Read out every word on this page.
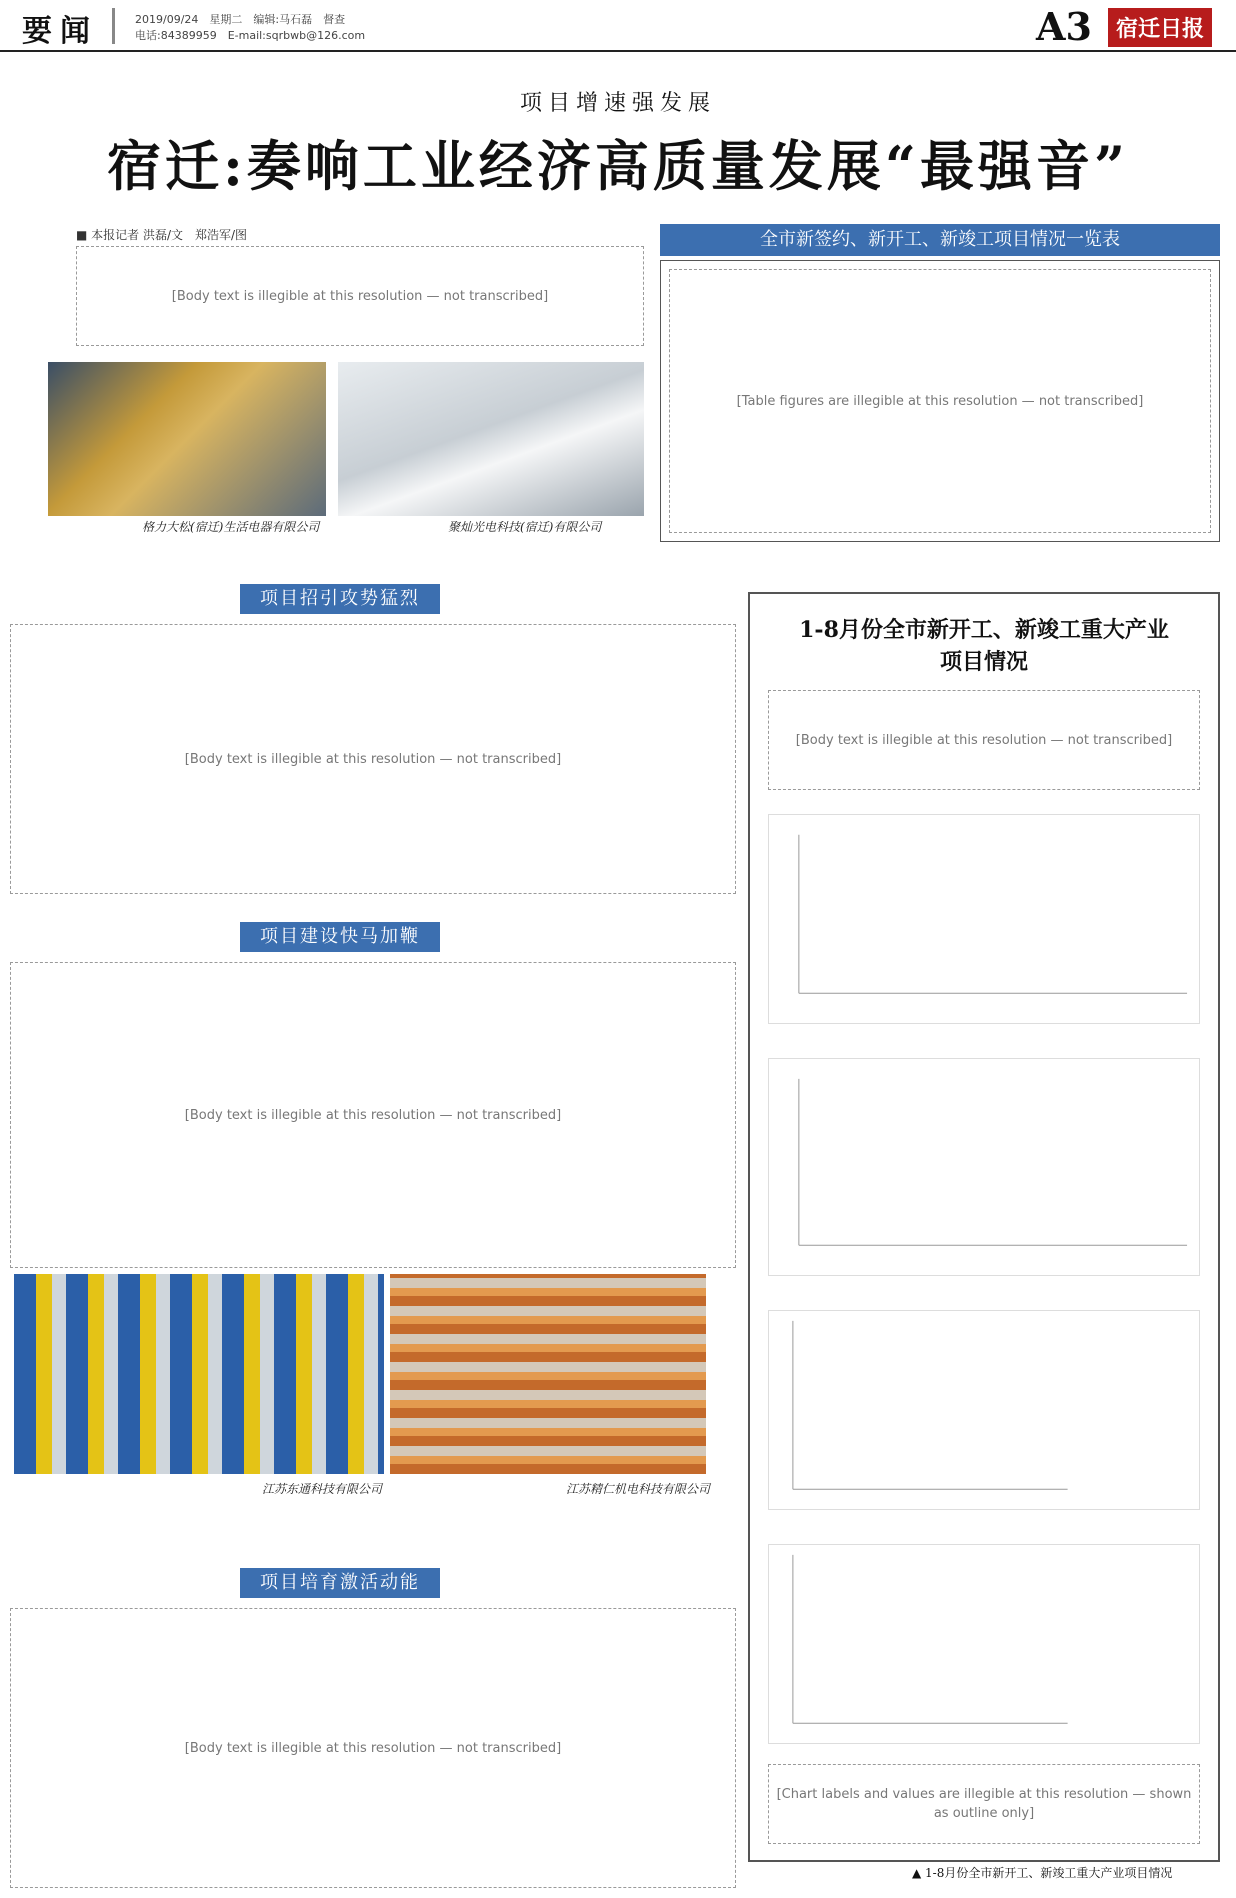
要闻	2019/09/24　星期二　编辑:马石磊　督查
电话:84389959　E-mail:sqrbwb@126.com	A3	宿迁日报
项目增速强发展
宿迁:奏响工业经济高质量发展“最强音”
■ 本报记者 洪磊/文　郑浩军/图
[Body text is illegible at this resolution — not transcribed]
格力大松(宿迁)生活电器有限公司	聚灿光电科技(宿迁)有限公司
全市新签约、新开工、新竣工项目情况一览表
[Table figures are illegible at this resolution — not transcribed]
项目招引攻势猛烈
[Body text is illegible at this resolution — not transcribed]
项目建设快马加鞭
[Body text is illegible at this resolution — not transcribed]
江苏东通科技有限公司	江苏精仁机电科技有限公司
项目培育激活动能
[Body text is illegible at this resolution — not transcribed]
1-8月份全市新开工、新竣工重大产业项目情况
[Body text is illegible at this resolution — not transcribed]
[Chart labels and values are illegible at this resolution — shown as outline only]
▲ 1-8月份全市新开工、新竣工重大产业项目情况
